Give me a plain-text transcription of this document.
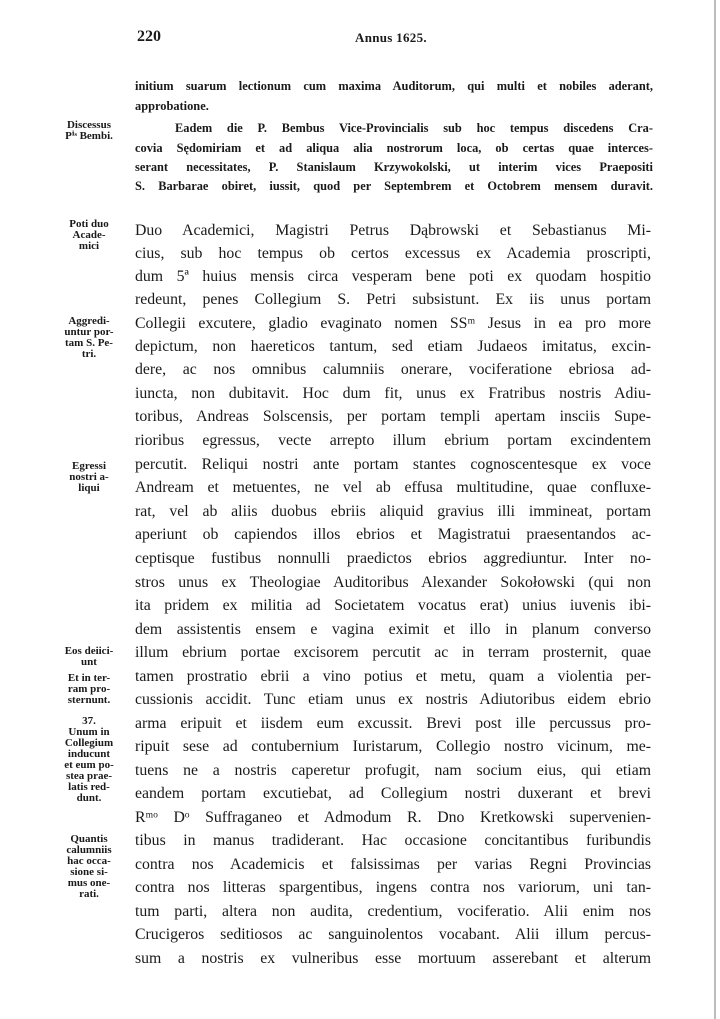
220	Annus 1625.
initium suarum lectionum cum maxima Auditorum, qui multi et nobiles aderant,
approbatione.
Eadem die P. Bembus Vice-Provincialis sub hoc tempus discedens Cra-
covia Sędomiriam et ad aliqua alia nostrorum loca, ob certas quae interces-
serant necessitates, P. Stanislaum Krzywokolski, ut interim vices Praepositi
S. Barbarae obiret, iussit, quod per Septembrem et Octobrem mensem duravit.
Duo Academici, Magistri Petrus Dąbrowski et Sebastianus Mi-
cius, sub hoc tempus ob certos excessus ex Academia proscripti,
dum 5ª huius mensis circa vesperam bene poti ex quodam hospitio
redeunt, penes Collegium S. Petri subsistunt. Ex iis unus portam
Collegii excutere, gladio evaginato nomen SSᵐ Jesus in ea pro more
depictum, non haereticos tantum, sed etiam Judaeos imitatus, excin-
dere, ac nos omnibus calumniis onerare, vociferatione ebriosa ad-
iuncta, non dubitavit. Hoc dum fit, unus ex Fratribus nostris Adiu-
toribus, Andreas Solscensis, per portam templi apertam insciis Supe-
rioribus egressus, vecte arrepto illum ebrium portam excindentem
percutit. Reliqui nostri ante portam stantes cognoscentesque ex voce
Andream et metuentes, ne vel ab effusa multitudine, quae confluxe-
rat, vel ab aliis duobus ebriis aliquid gravius illi immineat, portam
aperiunt ob capiendos illos ebrios et Magistratui praesentandos ac-
ceptisque fustibus nonnulli praedictos ebrios aggrediuntur. Inter no-
stros unus ex Theologiae Auditoribus Alexander Sokołowski (qui non
ita pridem ex militia ad Societatem vocatus erat) unius iuvenis ibi-
dem assistentis ensem e vagina eximit et illo in planum converso
illum ebrium portae excisorem percutit ac in terram prosternit, quae
tamen prostratio ebrii a vino potius et metu, quam a violentia per-
cussionis accidit. Tunc etiam unus ex nostris Adiutoribus eidem ebrio
arma eripuit et iisdem eum excussit. Brevi post ille percussus pro-
ripuit sese ad contubernium Iuristarum, Collegio nostro vicinum, me-
tuens ne a nostris caperetur profugit, nam socium eius, qui etiam
eandem portam excutiebat, ad Collegium nostri duxerant et brevi
Rᵐᵒ Dᵒ Suffraganeo et Admodum R. Dno Kretkowski supervenien-
tibus in manus tradiderant. Hac occasione concitantibus furibundis
contra nos Academicis et falsissimas per varias Regni Provincias
contra nos litteras spargentibus, ingens contra nos variorum, uni tan-
tum parti, altera non audita, credentium, vociferatio. Alii enim nos
Crucigeros seditiosos ac sanguinolentos vocabant. Alii illum percus-
sum a nostris ex vulneribus esse mortuum asserebant et alterum
Discessus
Pⁱˢ Bembi.
Poti duo
Acade-
mici
Aggredi-
untur por-
tam S. Pe-
tri.
Egressi
nostri a-
liqui
Eos deiici-
unt
Et in ter-
ram pro-
sternunt.
37.
Unum in
Collegium
inducunt
et eum po-
stea prae-
latis red-
dunt.
Quantis
calumniis
hac occa-
sione si-
mus one-
rati.
